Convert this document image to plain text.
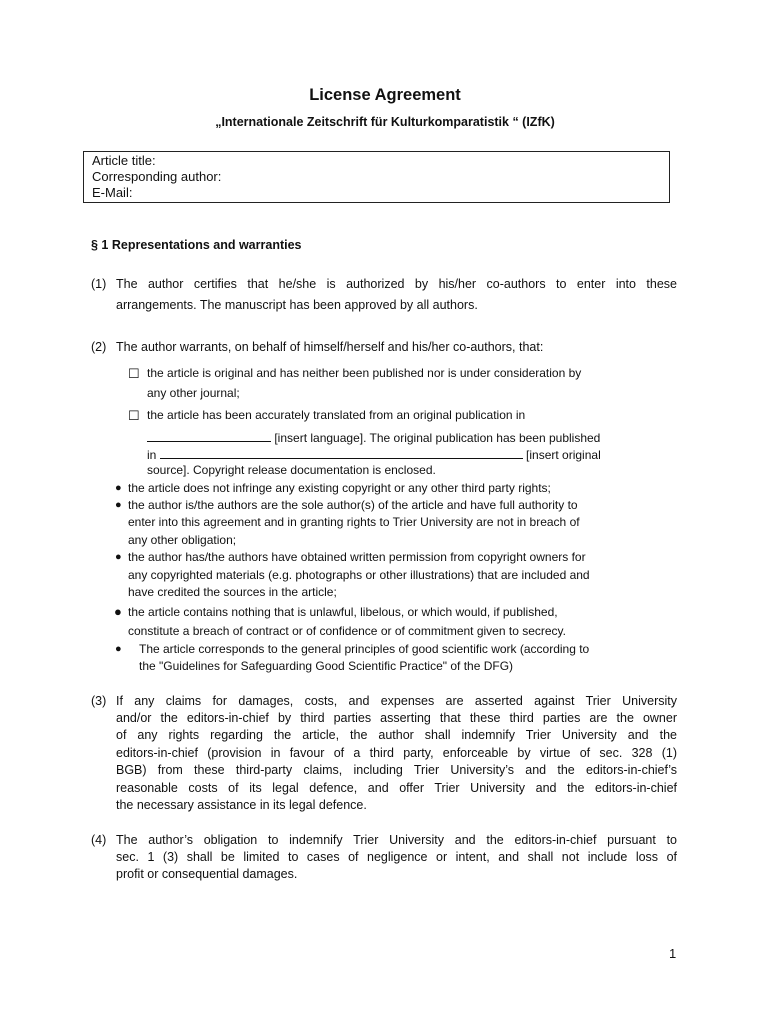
License Agreement
„Internationale Zeitschrift für Kulturkomparatistik “ (IZfK)
Article title:
Corresponding author:
E-Mail:
§ 1 Representations and warranties
(1) The author certifies that he/she is authorized by his/her co-authors to enter into these
arrangements. The manuscript has been approved by all authors.
(2) The author warrants, on behalf of himself/herself and his/her co-authors, that:
☐ the article is original and has neither been published nor is under consideration by
any other journal;
☐ the article has been accurately translated from an original publication in
[insert language]. The original publication has been published
in	[insert original
source]. Copyright release documentation is enclosed.
● the article does not infringe any existing copyright or any other third party rights;
● the author is/the authors are the sole author(s) of the article and have full authority to
enter into this agreement and in granting rights to Trier University are not in breach of
any other obligation;
● the author has/the authors have obtained written permission from copyright owners for
any copyrighted materials (e.g. photographs or other illustrations) that are included and
have credited the sources in the article;
● the article contains nothing that is unlawful, libelous, or which would, if published,
constitute a breach of contract or of confidence or of commitment given to secrecy.
● The article corresponds to the general principles of good scientific work (according to
the "Guidelines for Safeguarding Good Scientific Practice" of the DFG)
(3) If any claims for damages, costs, and expenses are asserted against Trier University
and/or the editors-in-chief by third parties asserting that these third parties are the owner
of any rights regarding the article, the author shall indemnify Trier University and the
editors-in-chief (provision in favour of a third party, enforceable by virtue of sec. 328 (1)
BGB) from these third-party claims, including Trier University’s and the editors-in-chief’s
reasonable costs of its legal defence, and offer Trier University and the editors-in-chief
the necessary assistance in its legal defence.
(4) The author’s obligation to indemnify Trier University and the editors-in-chief pursuant to
sec. 1 (3) shall be limited to cases of negligence or intent, and shall not include loss of
profit or consequential damages.
1
